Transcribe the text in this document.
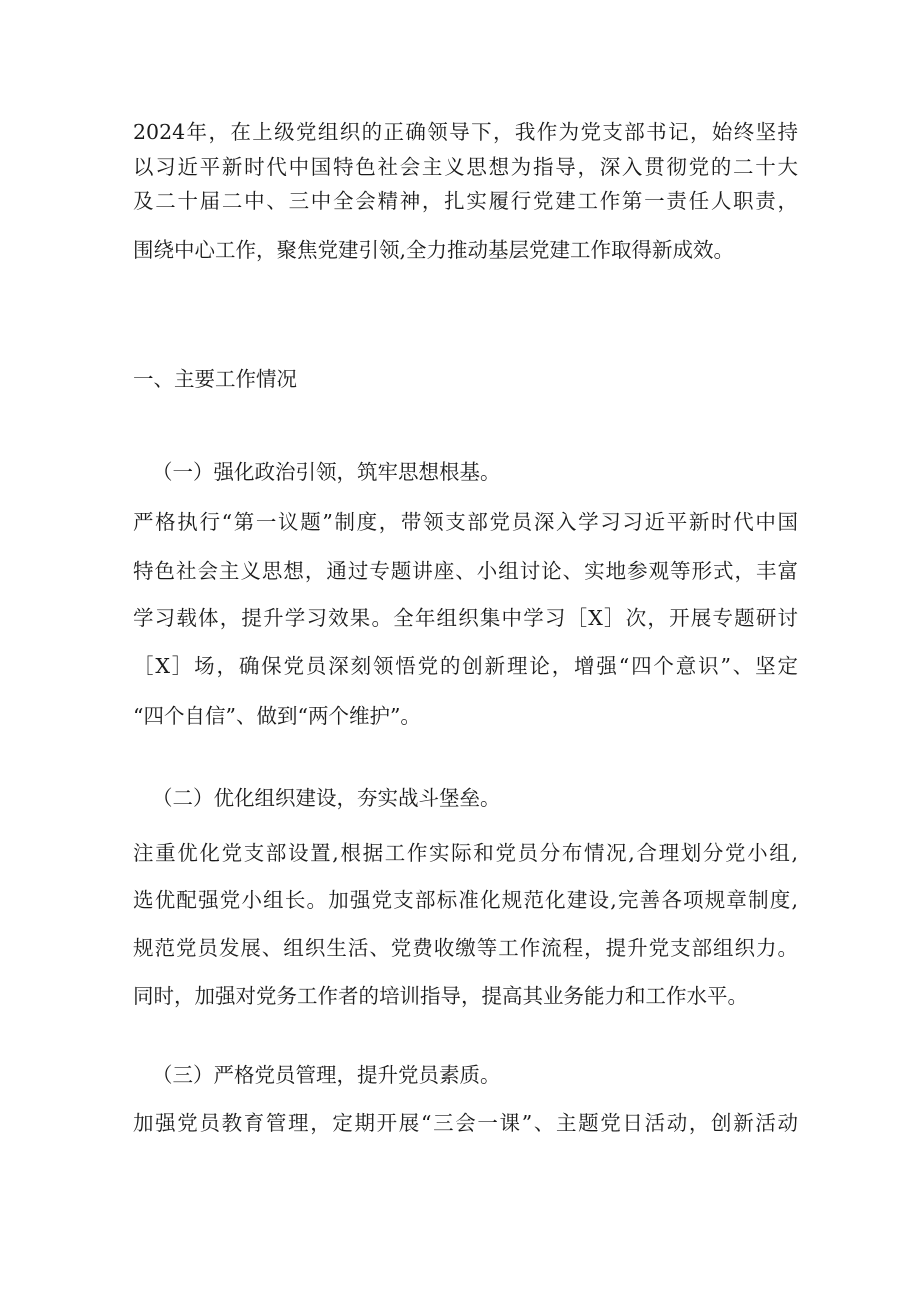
2024年，在上级党组织的正确领导下，我作为党支部书记，始终坚持
以习近平新时代中国特色社会主义思想为指导，深入贯彻党的二十大
及二十届二中、三中全会精神，扎实履行党建工作第一责任人职责，
围绕中心工作，聚焦党建引领,全力推动基层党建工作取得新成效。
一、主要工作情况
（一）强化政治引领，筑牢思想根基。
严格执行“第一议题”制度，带领支部党员深入学习习近平新时代中国
特色社会主义思想，通过专题讲座、小组讨论、实地参观等形式，丰富
学习载体，提升学习效果。全年组织集中学习［X］次，开展专题研讨
［X］场，确保党员深刻领悟党的创新理论，增强“四个意识”、坚定
“四个自信”、做到“两个维护”。
（二）优化组织建设，夯实战斗堡垒。
注重优化党支部设置,根据工作实际和党员分布情况,合理划分党小组,
选优配强党小组长。加强党支部标准化规范化建设,完善各项规章制度,
规范党员发展、组织生活、党费收缴等工作流程，提升党支部组织力。
同时，加强对党务工作者的培训指导，提高其业务能力和工作水平。
（三）严格党员管理，提升党员素质。
加强党员教育管理，定期开展“三会一课”、主题党日活动，创新活动
